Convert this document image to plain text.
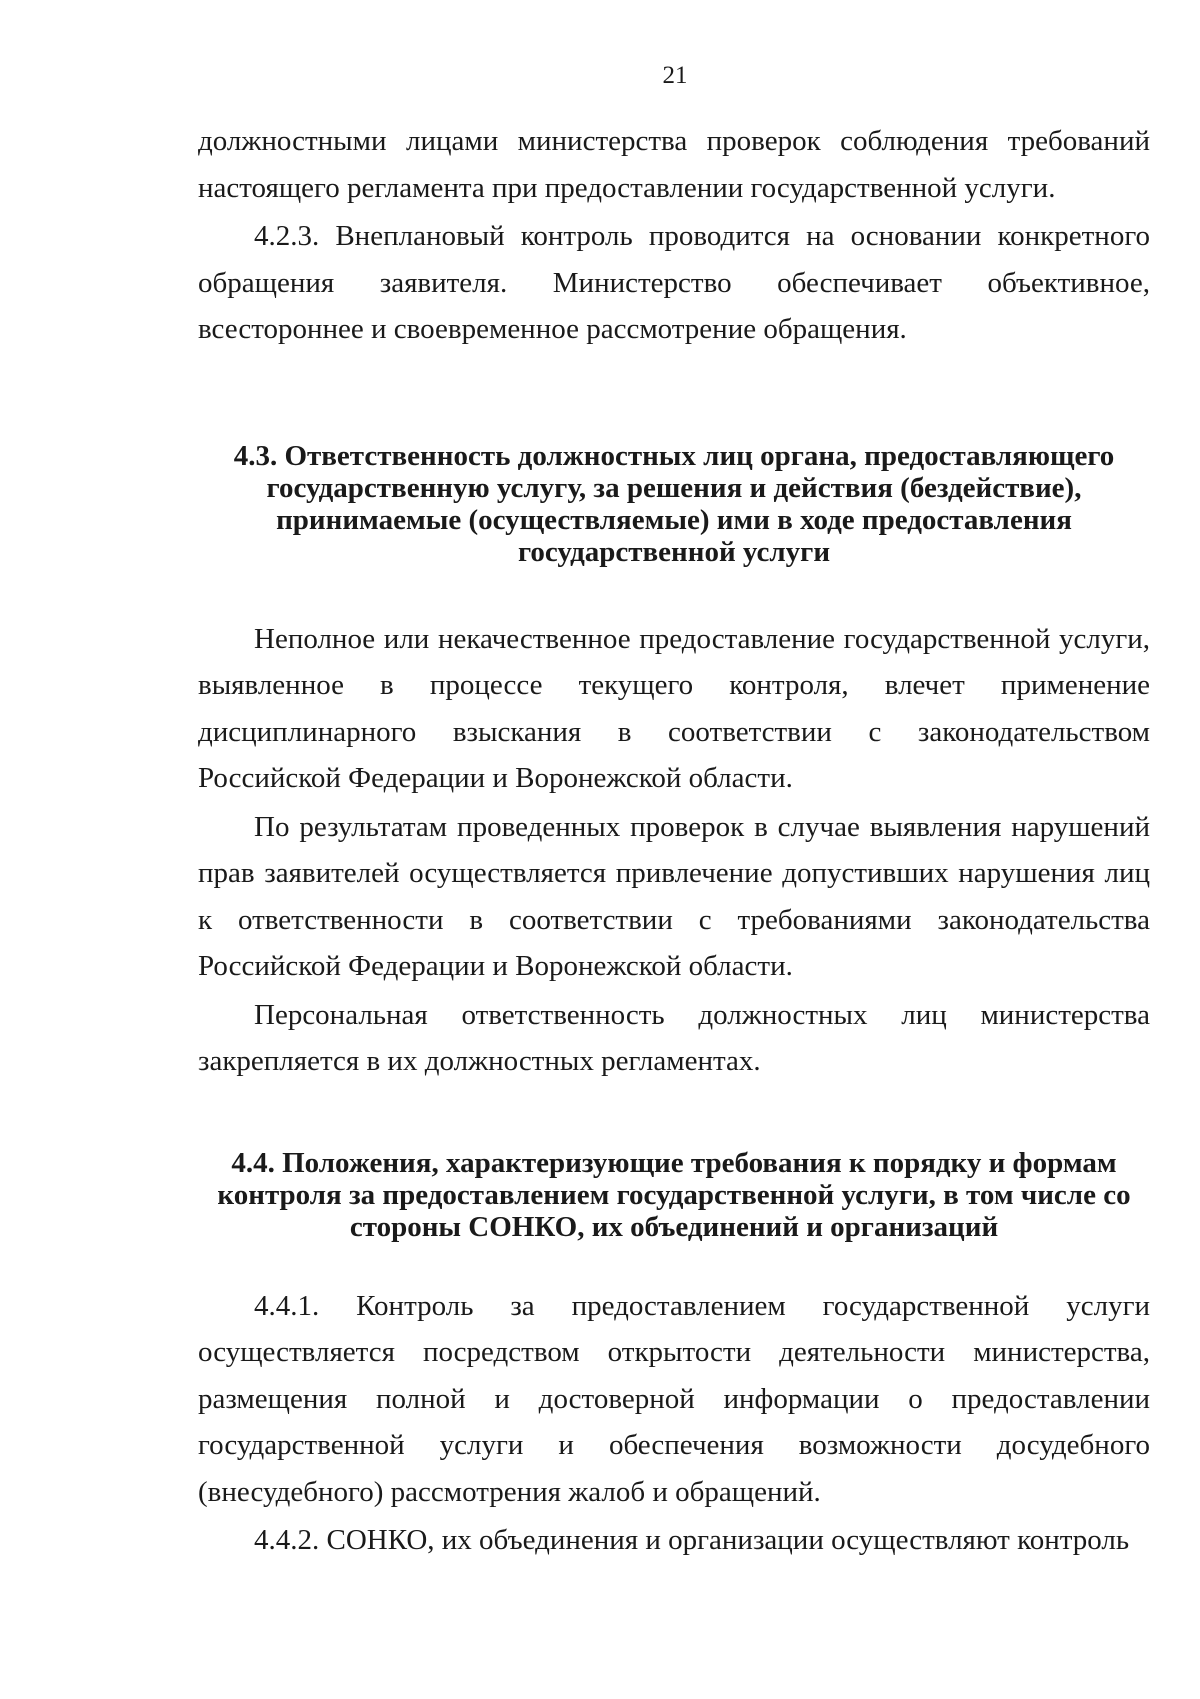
21

должностными лицами министерства проверок соблюдения требований настоящего регламента при предоставлении государственной услуги.

4.2.3. Внеплановый контроль проводится на основании конкретного обращения заявителя. Министерство обеспечивает объективное, всестороннее и своевременное рассмотрение обращения.

4.3. Ответственность должностных лиц органа, предоставляющего государственную услугу, за решения и действия (бездействие), принимаемые (осуществляемые) ими в ходе предоставления государственной услуги

Неполное или некачественное предоставление государственной услуги, выявленное в процессе текущего контроля, влечет применение дисциплинарного взыскания в соответствии с законодательством Российской Федерации и Воронежской области.

По результатам проведенных проверок в случае выявления нарушений прав заявителей осуществляется привлечение допустивших нарушения лиц к ответственности в соответствии с требованиями законодательства Российской Федерации и Воронежской области.

Персональная ответственность должностных лиц министерства закрепляется в их должностных регламентах.

4.4. Положения, характеризующие требования к порядку и формам контроля за предоставлением государственной услуги, в том числе со стороны СОНКО, их объединений и организаций

4.4.1. Контроль за предоставлением государственной услуги осуществляется посредством открытости деятельности министерства, размещения полной и достоверной информации о предоставлении государственной услуги и обеспечения возможности досудебного (внесудебного) рассмотрения жалоб и обращений.

4.4.2. СОНКО, их объединения и организации осуществляют контроль
